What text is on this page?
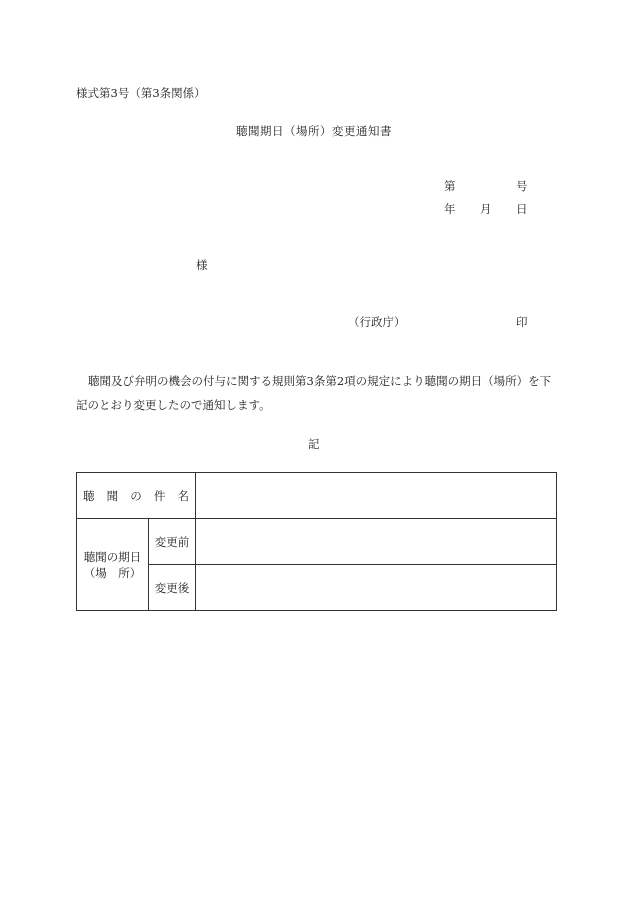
様式第3号（第3条関係）
聴聞期日（場所）変更通知書
第	号
年 月 日
様
（行政庁）	印
聴聞及び弁明の機会の付与に関する規則第3条第2項の規定により聴聞の期日（場所）を下記のとおり変更したので通知します。
記
聴 聞 の 件 名		

聴聞の期日
（場　所）	変更前	
	変更後	
